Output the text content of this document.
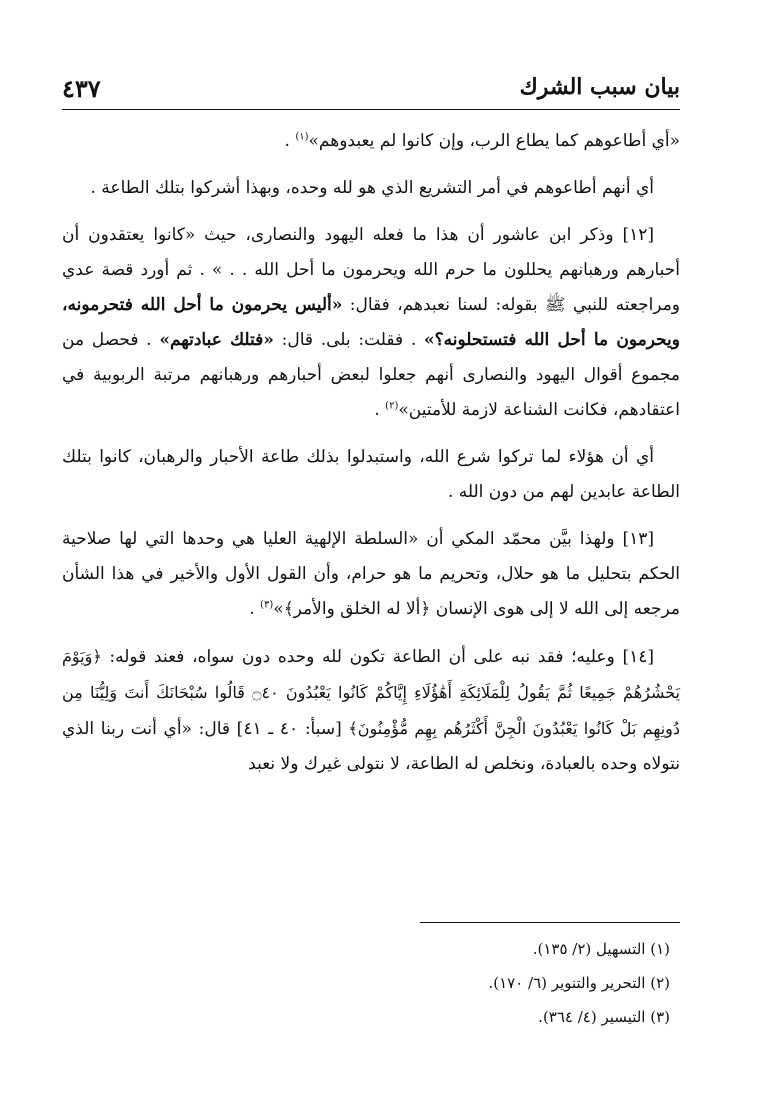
بيان سبب الشرك
٤٣٧

«أي أطاعوهم كما يطاع الرب، وإن كانوا لم يعبدوهم»$^{(١)}$ .

أي أنهم أطاعوهم في أمر التشريع الذي هو لله وحده، وبهذا أشركوا بتلك الطاعة .

[١٢] وذكر ابن عاشور أن هذا ما فعله اليهود والنصارى، حيث «كانوا يعتقدون أن أحبارهم ورهبانهم يحللون ما حرم الله ويحرمون ما أحل الله . . » . ثم أورد قصة عدي ومراجعته للنبي ﷺ بقوله: لسنا نعبدهم، فقال: «أليس يحرمون ما أحل الله فتحرمونه، ويحرمون ما أحل الله فتستحلونه؟» . فقلت: بلى. قال: «فتلك عبادتهم» . فحصل من مجموع أقوال اليهود والنصارى أنهم جعلوا لبعض أحبارهم ورهبانهم مرتبة الربوبية في اعتقادهم، فكانت الشناعة لازمة للأمتين»$^{(٢)}$ .

أي أن هؤلاء لما تركوا شرع الله، واستبدلوا بذلك طاعة الأحبار والرهبان، كانوا بتلك الطاعة عابدين لهم من دون الله .

[١٣] ولهذا بيَّن محمّد المكي أن «السلطة الإلهية العليا هي وحدها التي لها صلاحية الحكم بتحليل ما هو حلال، وتحريم ما هو حرام، وأن القول الأول والأخير في هذا الشأن مرجعه إلى الله لا إلى هوى الإنسان ﴿ألا له الخلق والأمر﴾»$^{(٣)}$ .

[١٤] وعليه؛ فقد نبه على أن الطاعة تكون لله وحده دون سواه، فعند قوله: ﴿وَيَوْمَ يَحْشُرُهُمْ جَمِيعًا ثُمَّ يَقُولُ لِلْمَلَائِكَةِ أَهَٰؤُلَاءِ إِيَّاكُمْ كَانُوا يَعْبُدُونَ ۝٤٠ قَالُوا سُبْحَانَكَ أَنتَ وَلِيُّنَا مِن دُونِهِم بَلْ كَانُوا يَعْبُدُونَ الْجِنَّ أَكْثَرُهُم بِهِم مُّؤْمِنُونَ﴾ [سبأ: ٤٠ ـ ٤١] قال: «أي أنت ربنا الذي نتولاه وحده بالعبادة، ونخلص له الطاعة، لا نتولى غيرك ولا نعبد

(١) التسهيل (٢/ ١٣٥).
(٢) التحرير والتنوير (٦/ ١٧٠).
(٣) التيسير (٤/ ٣٦٤).
